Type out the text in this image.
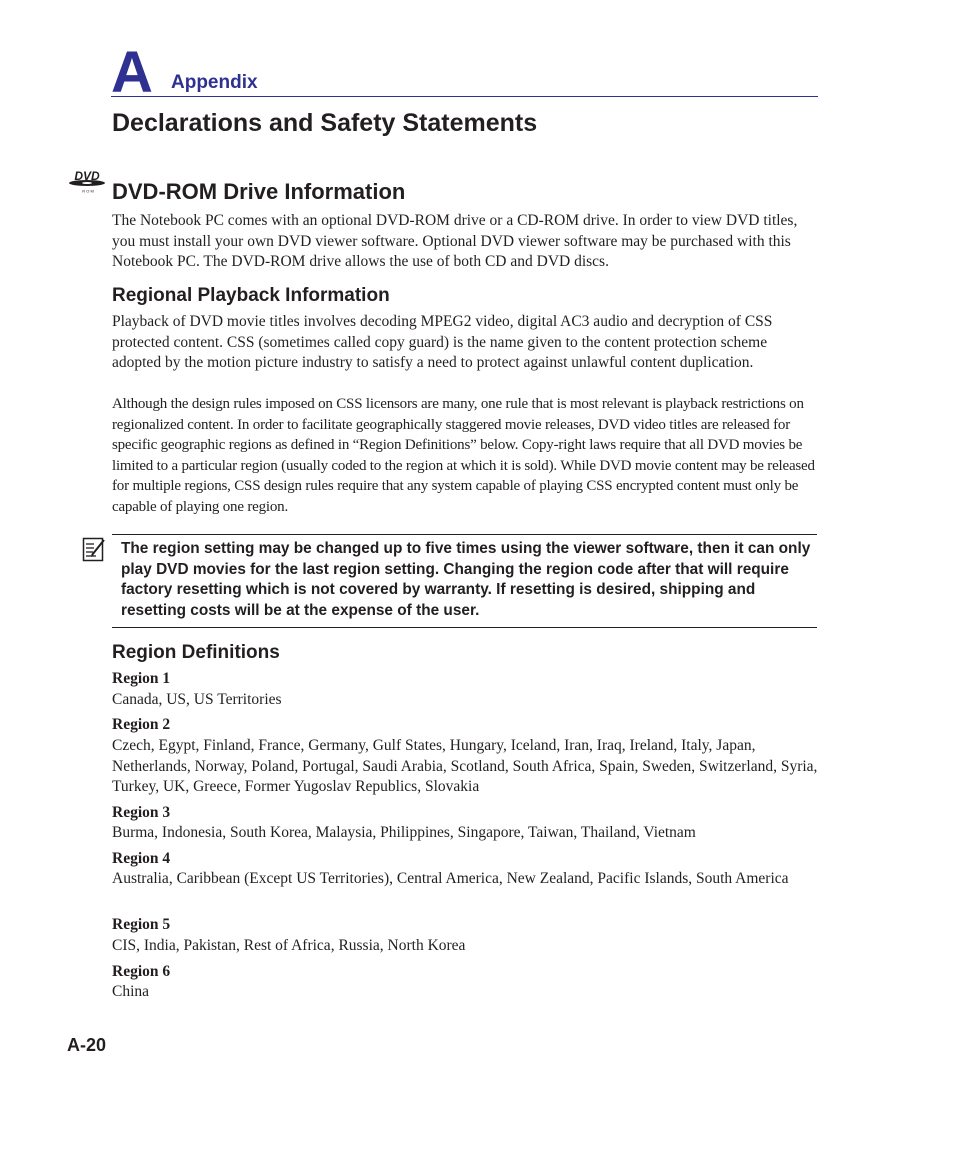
A Appendix
Declarations and Safety Statements
DVD
R O M DVD-ROM Drive Information

The Notebook PC comes with an optional DVD-ROM drive or a CD-ROM drive. In order to view DVD titles, you must install your own DVD viewer software. Optional DVD viewer software may be purchased with this Notebook PC. The DVD-ROM drive allows the use of both CD and DVD discs.

Regional Playback Information

Playback of DVD movie titles involves decoding MPEG2 video, digital AC3 audio and decryption of CSS protected content. CSS (sometimes called copy guard) is the name given to the content protection scheme adopted by the motion picture industry to satisfy a need to protect against unlawful content duplication.

Although the design rules imposed on CSS licensors are many, one rule that is most relevant is playback restrictions on regionalized content. In order to facilitate geographically staggered movie releases, DVD video titles are released for specific geographic regions as defined in “Region Definitions” below. Copy-right laws require that all DVD movies be limited to a particular region (usually coded to the region at which it is sold). While DVD movie content may be released for multiple regions, CSS design rules require that any system capable of playing CSS encrypted content must only be capable of playing one region.

The region setting may be changed up to five times using the viewer software, then it can only play DVD movies for the last region setting. Changing the region code after that will require factory resetting which is not covered by warranty. If resetting is desired, shipping and resetting costs will be at the expense of the user.

Region Definitions
Region 1

Canada, US, US Territories

Region 2

Czech, Egypt, Finland, France, Germany, Gulf States, Hungary, Iceland, Iran, Iraq, Ireland, Italy, Japan, Netherlands, Norway, Poland, Portugal, Saudi Arabia, Scotland, South Africa, Spain, Sweden, Switzerland, Syria, Turkey, UK, Greece, Former Yugoslav Republics, Slovakia

Region 3

Burma, Indonesia, South Korea, Malaysia, Philippines, Singapore, Taiwan, Thailand, Vietnam

Region 4

Australia, Caribbean (Except US Territories), Central America, New Zealand, Pacific Islands, South America

Region 5

CIS, India, Pakistan, Rest of Africa, Russia, North Korea

Region 6

China

A-20
